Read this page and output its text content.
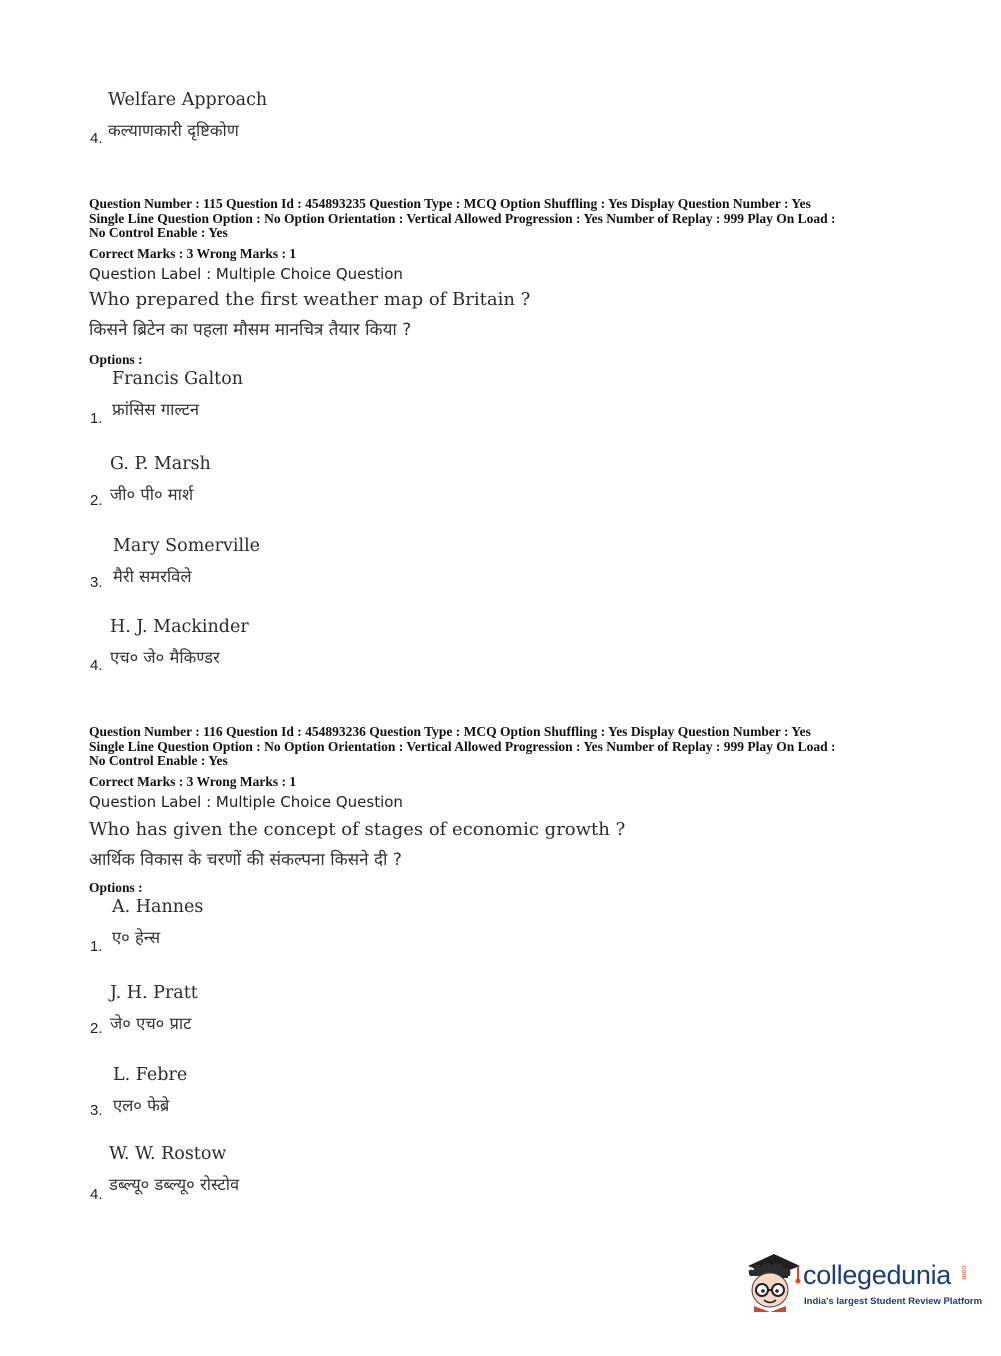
Welfare Approach
कल्याणकारी दृष्टिकोण
4.
Question Number : 115 Question Id : 454893235 Question Type : MCQ Option Shuffling : Yes Display Question Number : Yes
Single Line Question Option : No Option Orientation : Vertical Allowed Progression : Yes Number of Replay : 999 Play On Load :
No Control Enable : Yes
Correct Marks : 3 Wrong Marks : 1
Question Label : Multiple Choice Question
Who prepared the first weather map of Britain ?
किसने ब्रिटेन का पहला मौसम मानचित्र तैयार किया ?
Options :
Francis Galton
फ्रांसिस गाल्टन
1.
G. P. Marsh
जी० पी० मार्श
2.
Mary Somerville
मैरी समरविले
3.
H. J. Mackinder
एच० जे० मैकिण्डर
4.
Question Number : 116 Question Id : 454893236 Question Type : MCQ Option Shuffling : Yes Display Question Number : Yes
Single Line Question Option : No Option Orientation : Vertical Allowed Progression : Yes Number of Replay : 999 Play On Load :
No Control Enable : Yes
Correct Marks : 3 Wrong Marks : 1
Question Label : Multiple Choice Question
Who has given the concept of stages of economic growth ?
आर्थिक विकास के चरणों की संकल्पना किसने दी ?
Options :
A. Hannes
ए० हेन्स
1.
J. H. Pratt
जे० एच० प्राट
2.
L. Febre
एल० फेब्रे
3.
W. W. Rostow
डब्ल्यू० डब्ल्यू० रोस्टोव
4.
collegedunia .com
India's largest Student Review Platform
